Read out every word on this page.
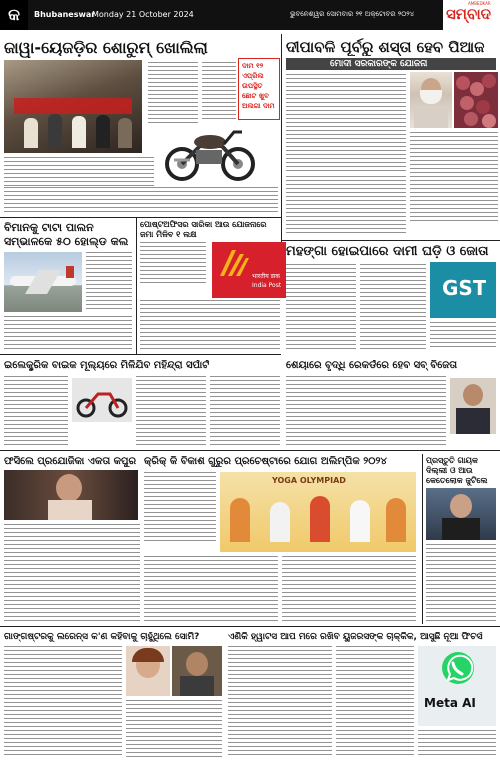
କ	Bhubaneswar
Monday 21 October 2024	ଭୁବନେଶ୍ୱର ସୋମବାର ୨୧ ଅକ୍ଟୋବର ୨୦୨୪	ସମ୍ବାଦ
AMBEDKAR
ଜାୱା-ୟେଜଡ଼ିର ଶୋରୁମ୍ ଖୋଲିଲା	ଦୀପାବଳି ପୂର୍ବରୁ ଶସ୍ତା ହେବ ପିଆଜ
ଦାମ ୧୨
ଏପ୍ରିଲ
ଉପସ୍ଥିତ
ଛୋଟ ଖୁବ
ଅଲଗା ଦାମ
ମୋଦୀ ସରକାରଙ୍କ ଯୋଜନା
ବିମାନକୁ ଟାଟା ପାଲନ
ସମ୍ଭାଳକେ ୫୦ ହୋଲ୍ଡ କଲ
ପୋଷ୍ଟଅଫିସର ସାରିକା ଆଉ ଯୋଜନାରେ ଜମା ମିଳିବ ୧ ଲକ୍ଷ
भारतीय डाक
India Post
ମହଙ୍ଗା ହୋଇପାରେ ଦାମୀ ଘଡ଼ି ଓ ଜୋତା
GST
ଇଲେକ୍ଟ୍ରିକ ବାଇକ ମୂଲ୍ୟରେ ମିଳିଯିବ ମହିନ୍ଦ୍ରା ସର୍ପାର୍ଟ	ଶେୟାରେ ବୃଦ୍ଧି ରେକର୍ଡରେ ହେବ ସବ୍ ବିଜେତା
ଫସିଲେ ପ୍ରଯୋଜିକା ଏକତା କପୁର କ୍ରିକ୍ କି ବିକାଶ ଗୁରୁର ପ୍ରଚେଷ୍ଟାରେ ଯୋଗ ଅଲିମ୍ପିକ ୨୦୨୪
YOGA OLYMPIAD
ପ୍ରସ୍ତୁତି ଗାୟକ ଦିଲ୍ଲୀ ଓ ଆଉ କେତେଲୋକ ଜୁଟିଲେ
ଗାଙ୍ଗଷ୍ଟରକୁ ଲରେନ୍ସ କ'ଣ କହିବାକୁ ଚାହୁଁଥିଲେ ସୋମି?	ଏଣିକି ହ୍ୱାଟସ ଆପ ମରେ ରଖିବ ୟୁଜରସଙ୍କ ଚାକ୍କିକ, ଆସୁଛି ନୂଆ ଫିଚର୍ସ
Meta AI
